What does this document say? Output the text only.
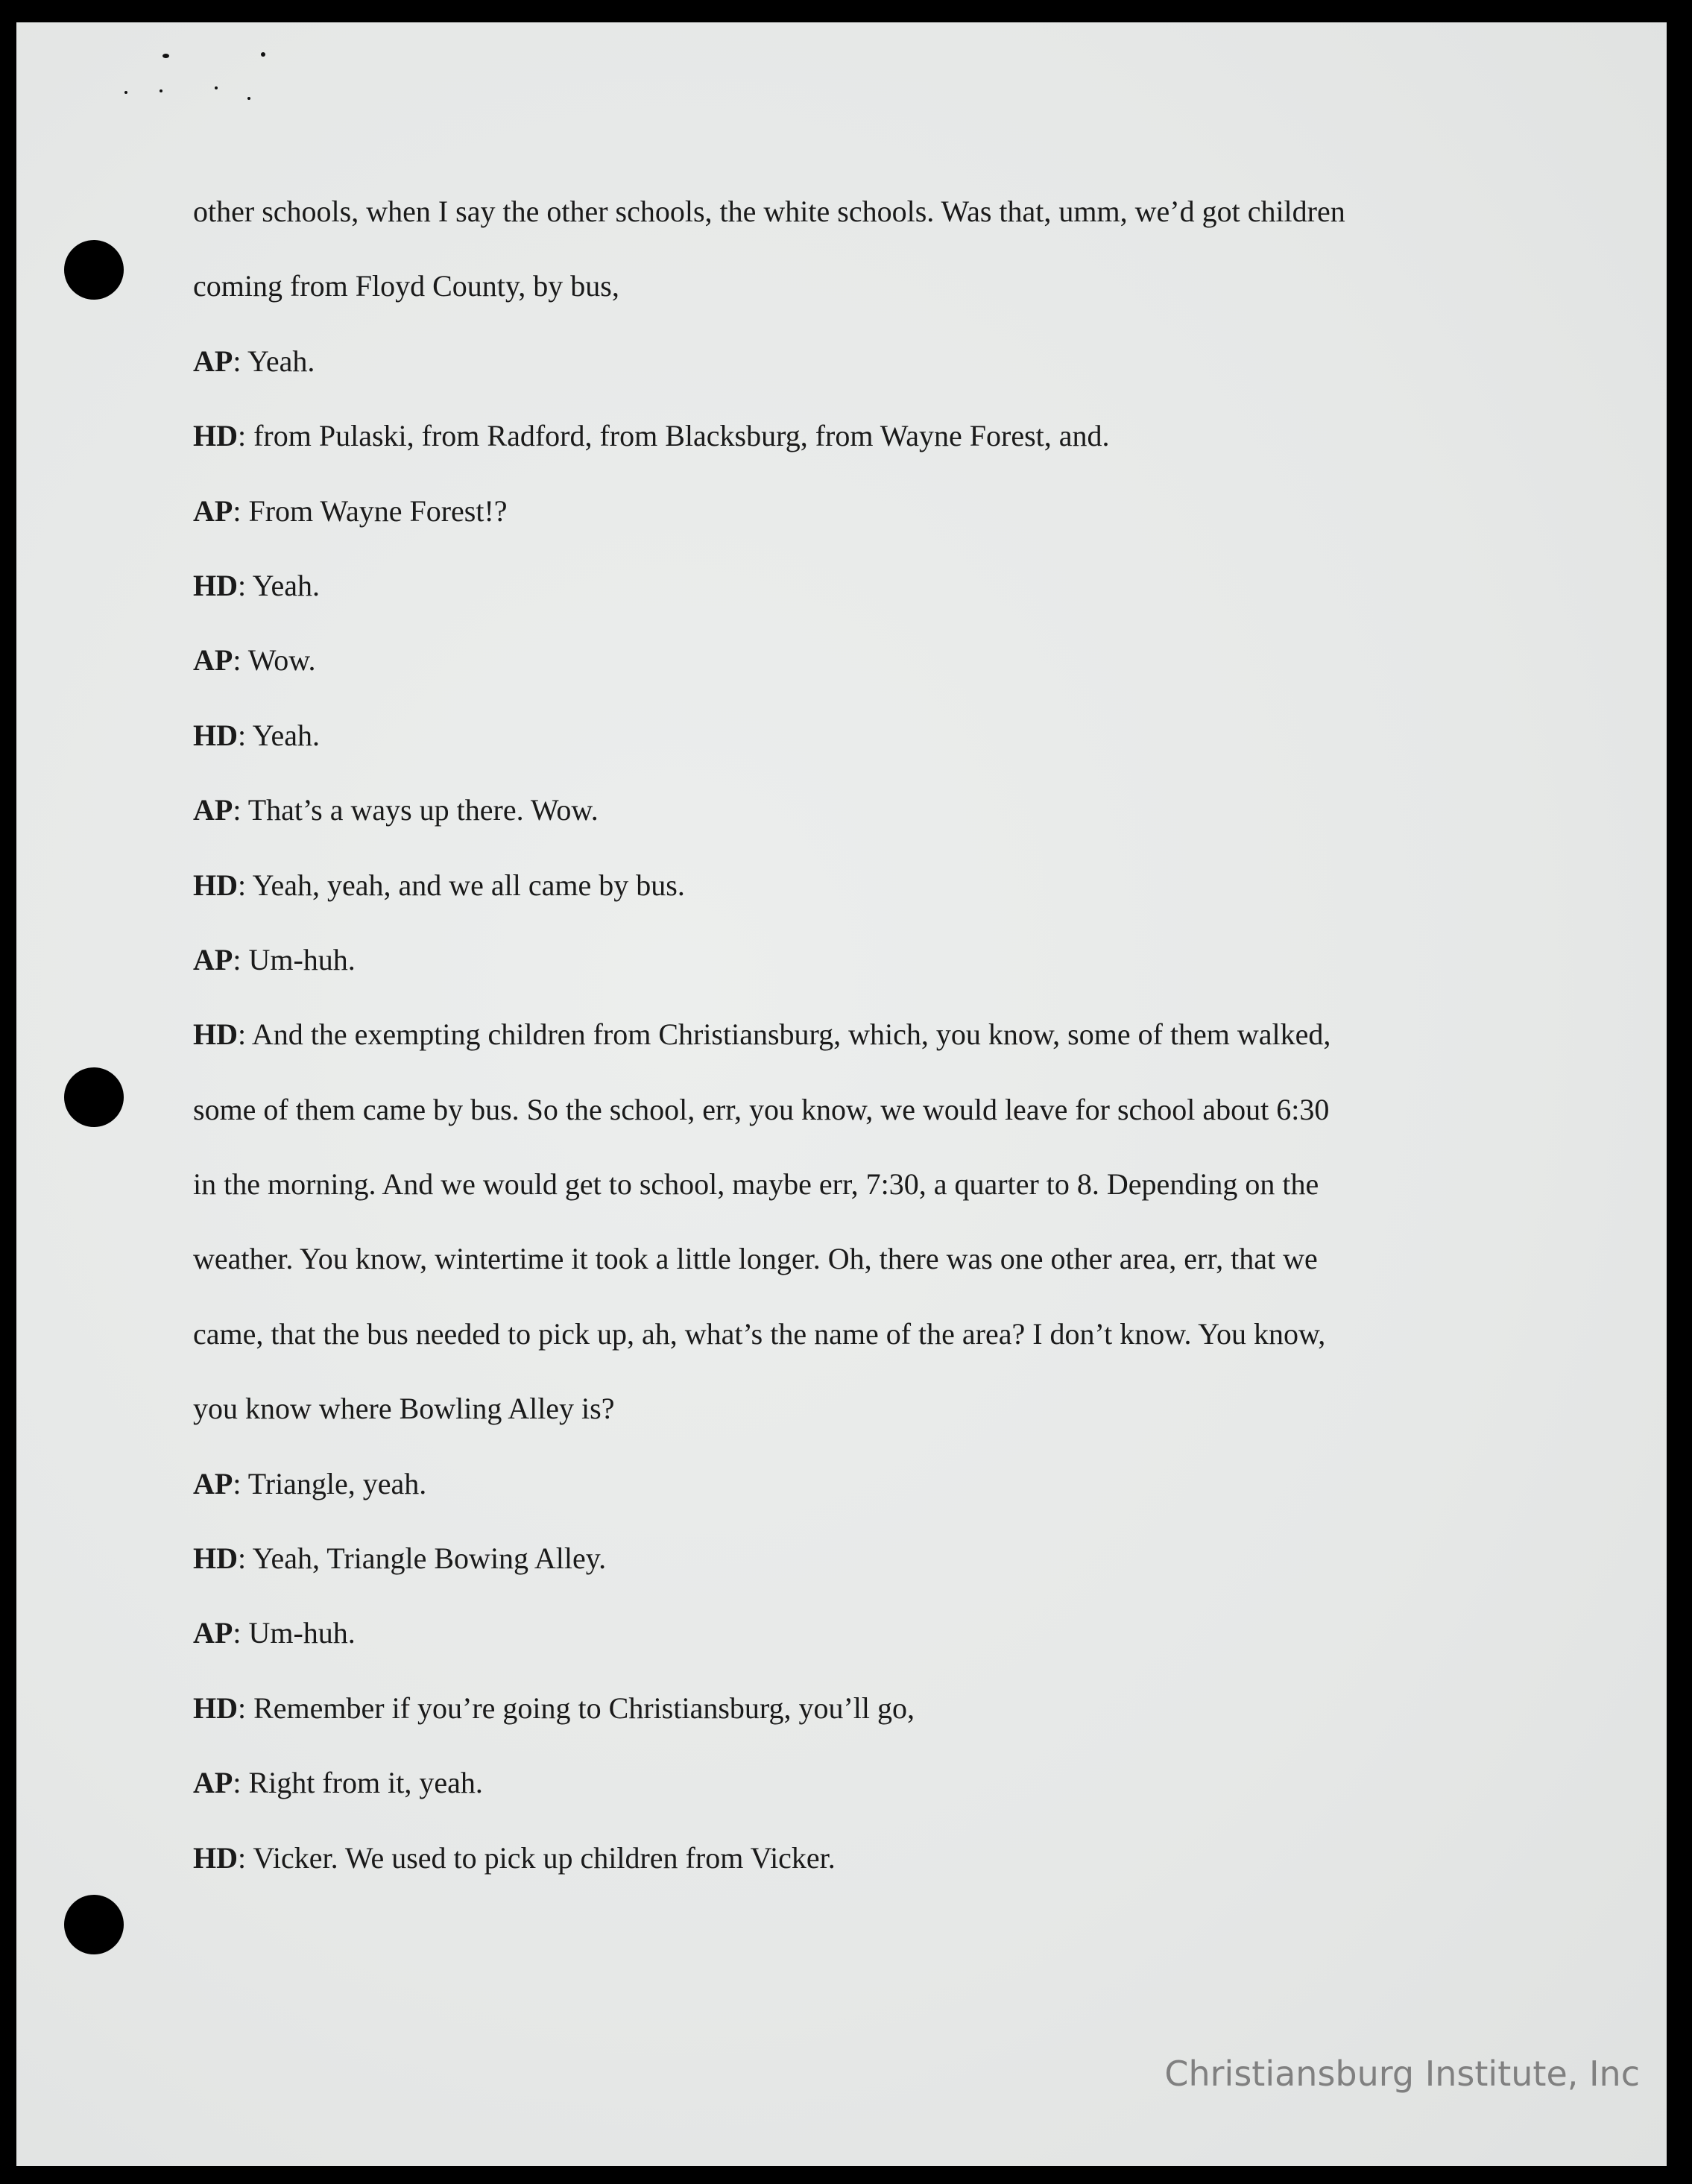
other schools, when I say the other schools, the white schools. Was that, umm, we’d got children
coming from Floyd County, by bus,
AP: Yeah.
HD: from Pulaski, from Radford, from Blacksburg, from Wayne Forest, and.
AP: From Wayne Forest!?
HD: Yeah.
AP: Wow.
HD: Yeah.
AP: That’s a ways up there. Wow.
HD: Yeah, yeah, and we all came by bus.
AP: Um-huh.
HD: And the exempting children from Christiansburg, which, you know, some of them walked,
some of them came by bus. So the school, err, you know, we would leave for school about 6:30
in the morning. And we would get to school, maybe err, 7:30, a quarter to 8. Depending on the
weather. You know, wintertime it took a little longer. Oh, there was one other area, err, that we
came, that the bus needed to pick up, ah, what’s the name of the area? I don’t know. You know,
you know where Bowling Alley is?
AP: Triangle, yeah.
HD: Yeah, Triangle Bowing Alley.
AP: Um-huh.
HD: Remember if you’re going to Christiansburg, you’ll go,
AP: Right from it, yeah.
HD: Vicker. We used to pick up children from Vicker.
Christiansburg Institute, Inc
